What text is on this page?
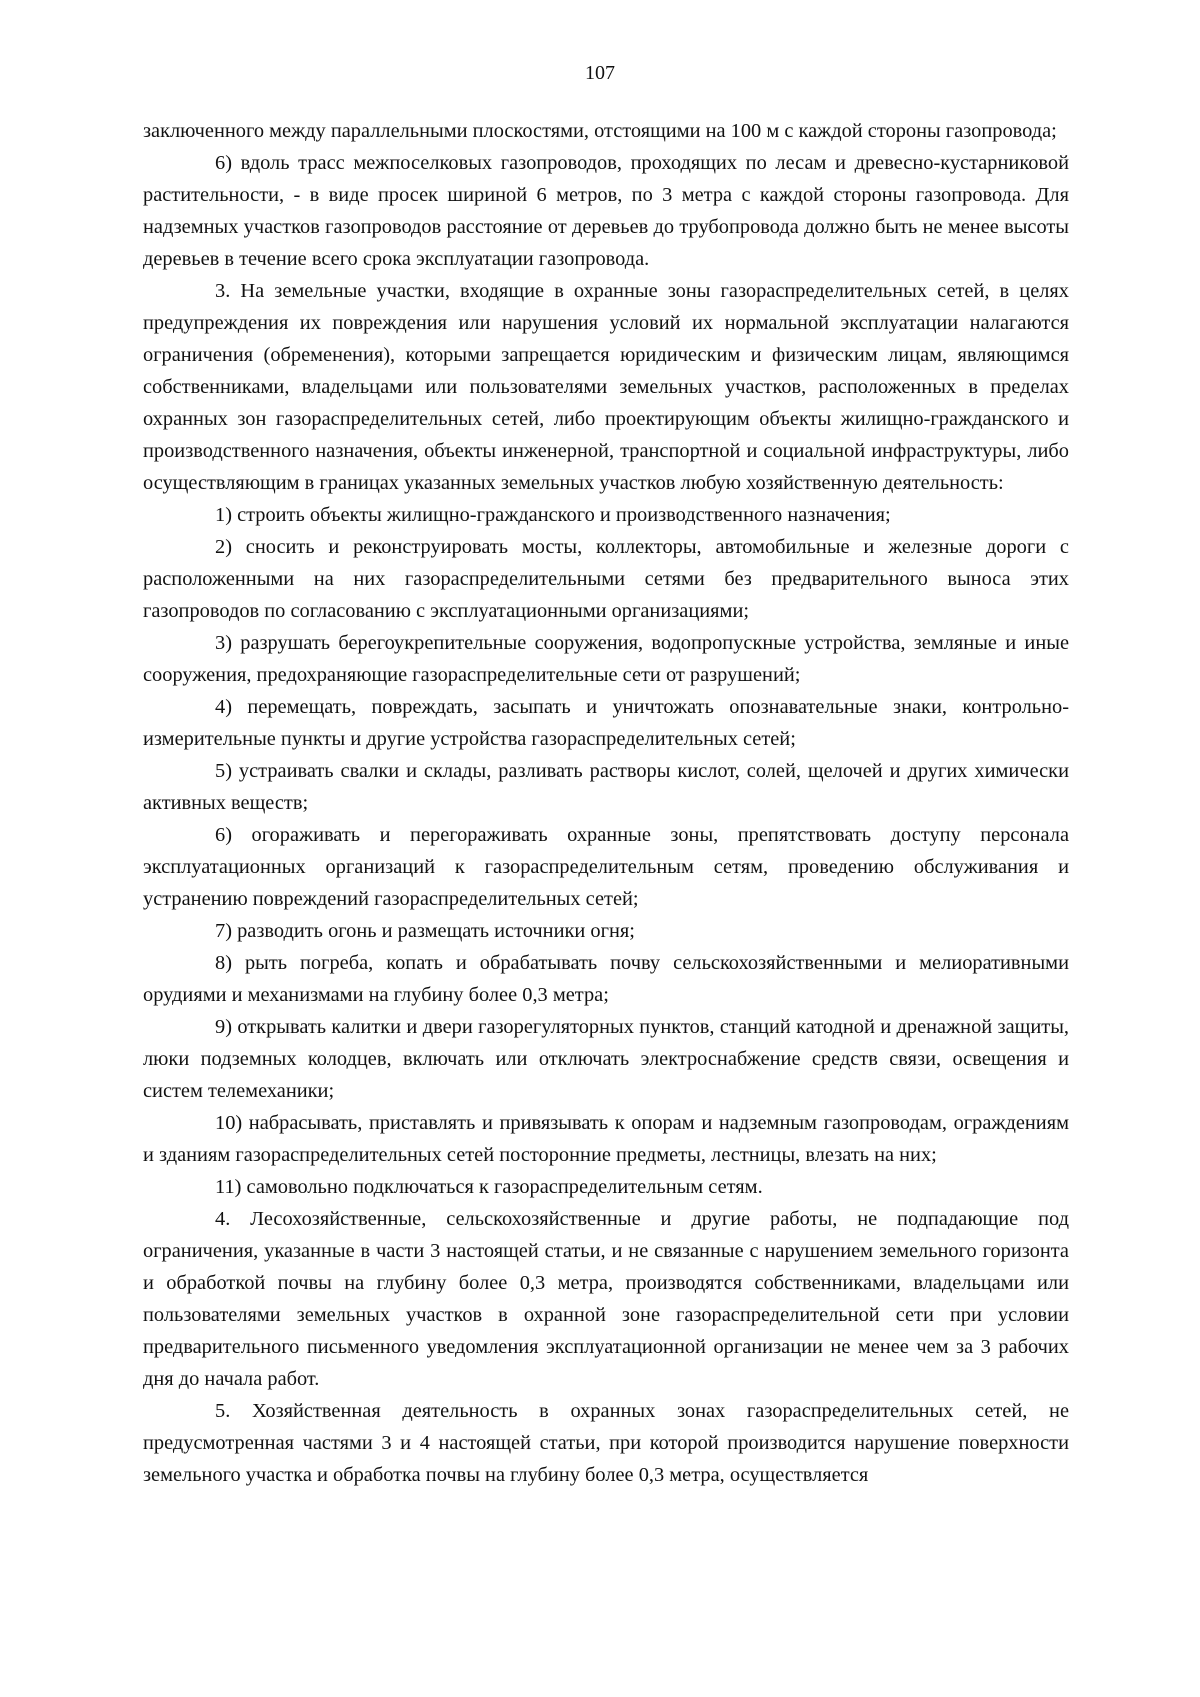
107

заключенного между параллельными плоскостями, отстоящими на 100 м с каждой стороны газопровода;

6) вдоль трасс межпоселковых газопроводов, проходящих по лесам и древесно-кустарниковой растительности, - в виде просек шириной 6 метров, по 3 метра с каждой стороны газопровода. Для надземных участков газопроводов расстояние от деревьев до трубопровода должно быть не менее высоты деревьев в течение всего срока эксплуатации газопровода.

3. На земельные участки, входящие в охранные зоны газораспределительных сетей, в целях предупреждения их повреждения или нарушения условий их нормальной эксплуатации налагаются ограничения (обременения), которыми запрещается юридическим и физическим лицам, являющимся собственниками, владельцами или пользователями земельных участков, расположенных в пределах охранных зон газораспределительных сетей, либо проектирующим объекты жилищно-гражданского и производственного назначения, объекты инженерной, транспортной и социальной инфраструктуры, либо осуществляющим в границах указанных земельных участков любую хозяйственную деятельность:

1) строить объекты жилищно-гражданского и производственного назначения;

2) сносить и реконструировать мосты, коллекторы, автомобильные и железные дороги с расположенными на них газораспределительными сетями без предварительного выноса этих газопроводов по согласованию с эксплуатационными организациями;

3) разрушать берегоукрепительные сооружения, водопропускные устройства, земляные и иные сооружения, предохраняющие газораспределительные сети от разрушений;

4) перемещать, повреждать, засыпать и уничтожать опознавательные знаки, контрольно-измерительные пункты и другие устройства газораспределительных сетей;

5) устраивать свалки и склады, разливать растворы кислот, солей, щелочей и других химически активных веществ;

6) огораживать и перегораживать охранные зоны, препятствовать доступу персонала эксплуатационных организаций к газораспределительным сетям, проведению обслуживания и устранению повреждений газораспределительных сетей;

7) разводить огонь и размещать источники огня;

8) рыть погреба, копать и обрабатывать почву сельскохозяйственными и мелиоративными орудиями и механизмами на глубину более 0,3 метра;

9) открывать калитки и двери газорегуляторных пунктов, станций катодной и дренажной защиты, люки подземных колодцев, включать или отключать электроснабжение средств связи, освещения и систем телемеханики;

10) набрасывать, приставлять и привязывать к опорам и надземным газопроводам, ограждениям и зданиям газораспределительных сетей посторонние предметы, лестницы, влезать на них;

11) самовольно подключаться к газораспределительным сетям.

4. Лесохозяйственные, сельскохозяйственные и другие работы, не подпадающие под ограничения, указанные в части 3 настоящей статьи, и не связанные с нарушением земельного горизонта и обработкой почвы на глубину более 0,3 метра, производятся собственниками, владельцами или пользователями земельных участков в охранной зоне газораспределительной сети при условии предварительного письменного уведомления эксплуатационной организации не менее чем за 3 рабочих дня до начала работ.

5. Хозяйственная деятельность в охранных зонах газораспределительных сетей, не предусмотренная частями 3 и 4 настоящей статьи, при которой производится нарушение поверхности земельного участка и обработка почвы на глубину более 0,3 метра, осуществляется
